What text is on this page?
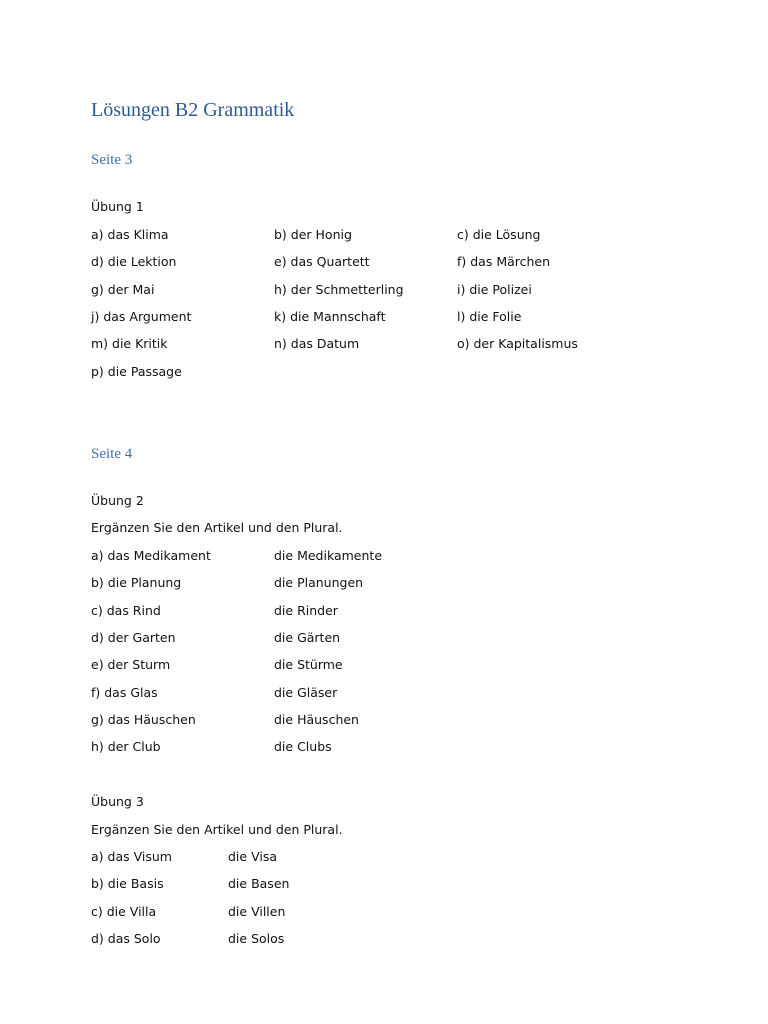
Lösungen B2 Grammatik
Seite 3
Übung 1
a) das Klima	b) der Honig	c) die Lösung
d) die Lektion	e) das Quartett	f) das Märchen
g) der Mai	h) der Schmetterling	i) die Polizei
j) das Argument	k) die Mannschaft	l) die Folie
m) die Kritik	n) das Datum	o) der Kapitalismus
p) die Passage
Seite 4
Übung 2
Ergänzen Sie den Artikel und den Plural.
a) das Medikament	die Medikamente
b) die Planung	die Planungen
c) das Rind	die Rinder
d) der Garten	die Gärten
e) der Sturm	die Stürme
f) das Glas	die Gläser
g) das Häuschen	die Häuschen
h) der Club	die Clubs
Übung 3
Ergänzen Sie den Artikel und den Plural.
a) das Visum	die Visa
b) die Basis	die Basen
c) die Villa	die Villen
d) das Solo	die Solos
